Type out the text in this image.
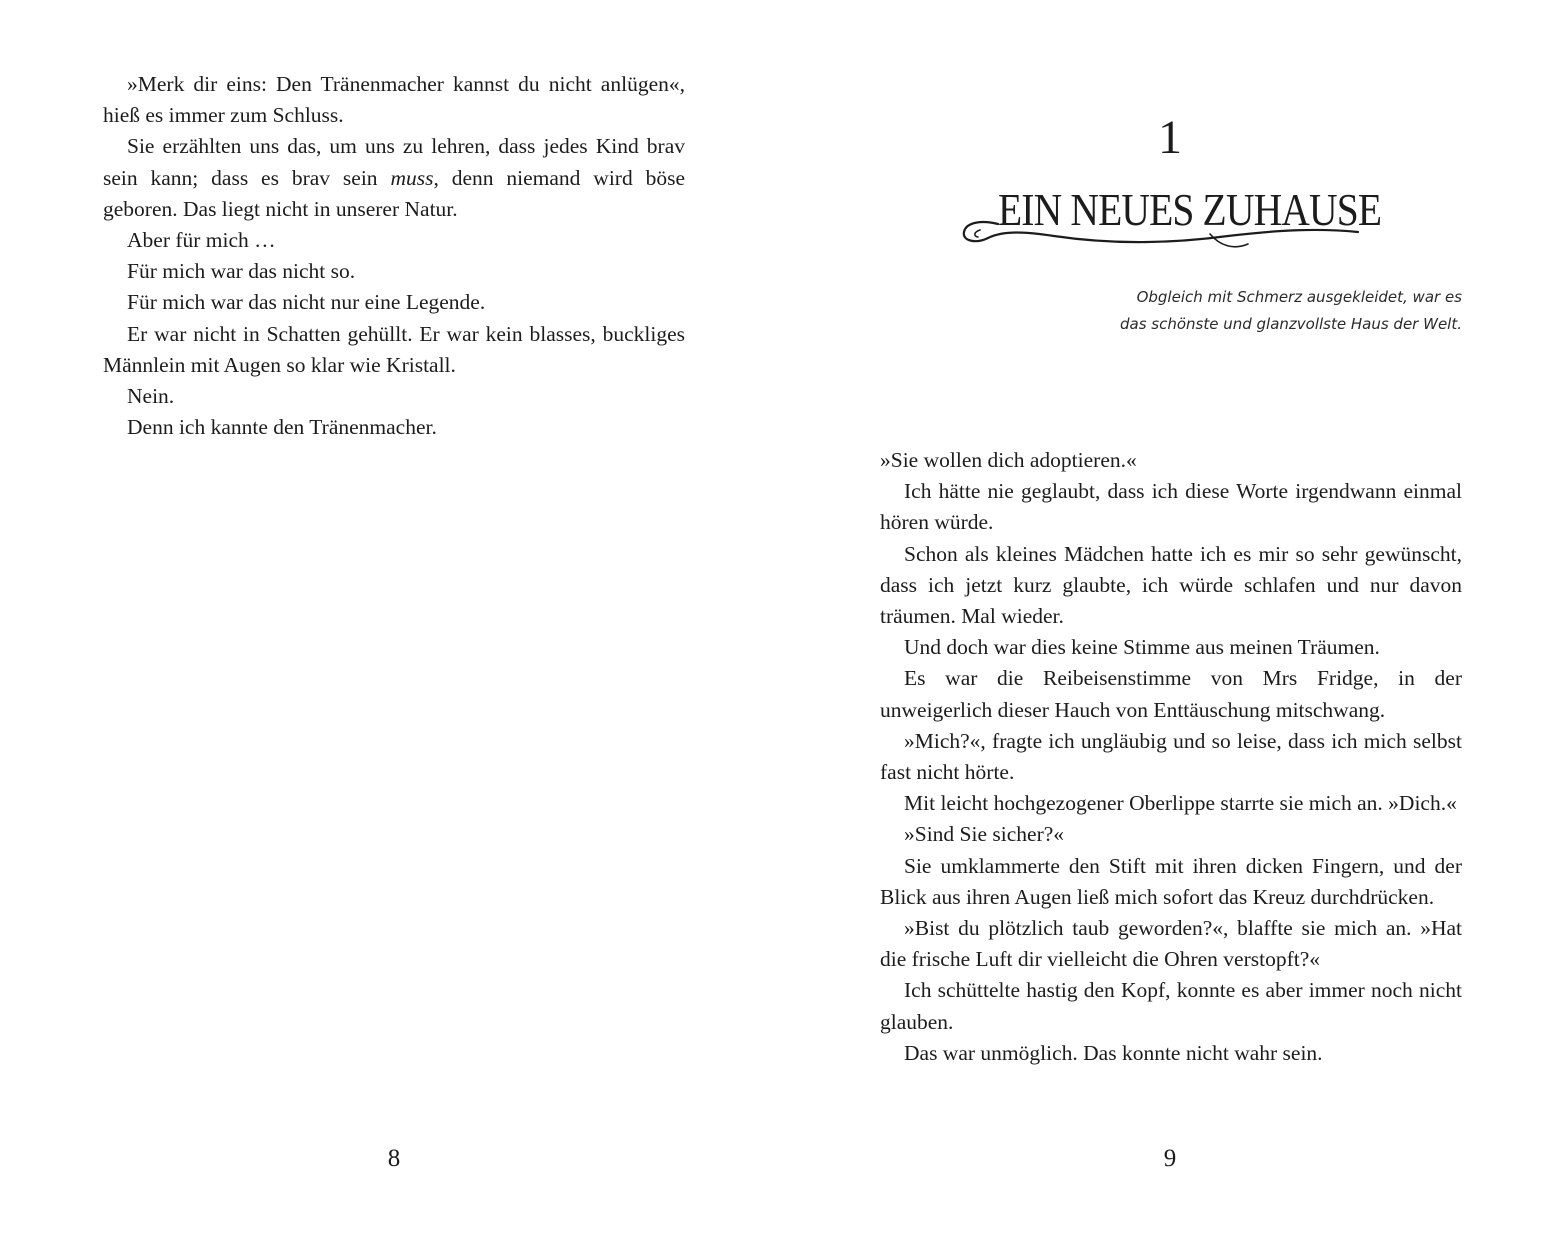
»Merk dir eins: Den Tränenmacher kannst du nicht anlügen«, hieß es immer zum Schluss.

Sie erzählten uns das, um uns zu lehren, dass jedes Kind brav sein kann; dass es brav sein muss, denn niemand wird böse geboren. Das liegt nicht in unserer Natur.

Aber für mich …

Für mich war das nicht so.

Für mich war das nicht nur eine Legende.

Er war nicht in Schatten gehüllt. Er war kein blasses, buckliges Männlein mit Augen so klar wie Kristall.

Nein.

Denn ich kannte den Tränenmacher.

8
1
EIN NEUES ZUHAUSE
Obgleich mit Schmerz ausgekleidet, war es
das schönste und glanzvollste Haus der Welt.

»Sie wollen dich adoptieren.«

Ich hätte nie geglaubt, dass ich diese Worte irgendwann einmal hören würde.

Schon als kleines Mädchen hatte ich es mir so sehr gewünscht, dass ich jetzt kurz glaubte, ich würde schlafen und nur davon träumen. Mal wieder.

Und doch war dies keine Stimme aus meinen Träumen.

Es war die Reibeisenstimme von Mrs Fridge, in der unweigerlich dieser Hauch von Enttäuschung mitschwang.

»Mich?«, fragte ich ungläubig und so leise, dass ich mich selbst fast nicht hörte.

Mit leicht hochgezogener Oberlippe starrte sie mich an. »Dich.«

»Sind Sie sicher?«

Sie umklammerte den Stift mit ihren dicken Fingern, und der Blick aus ihren Augen ließ mich sofort das Kreuz durchdrücken.

»Bist du plötzlich taub geworden?«, blaffte sie mich an. »Hat die frische Luft dir vielleicht die Ohren verstopft?«

Ich schüttelte hastig den Kopf, konnte es aber immer noch nicht glauben.

Das war unmöglich. Das konnte nicht wahr sein.

9
